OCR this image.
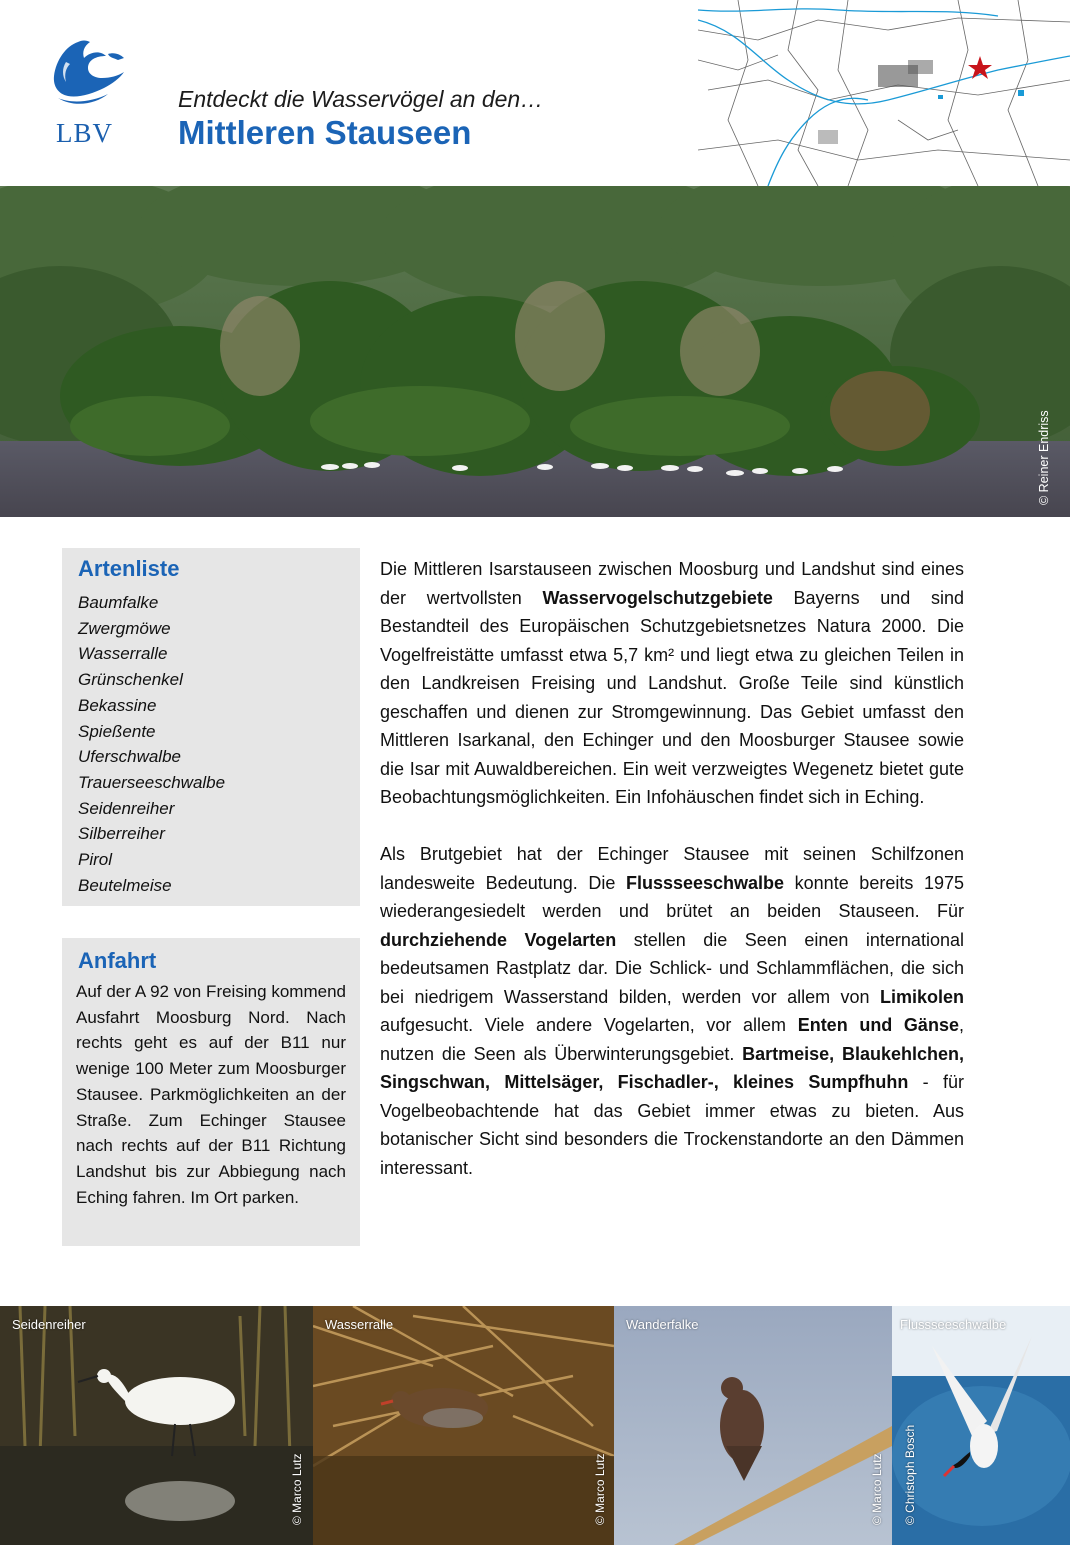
LBV
Entdeckt die Wasservögel an den…
Mittleren Stauseen
© Reiner Endriss
Artenliste
Baumfalke
Zwergmöwe
Wasserralle
Grünschenkel
Bekassine
Spießente
Uferschwalbe
Trauerseeschwalbe
Seidenreiher
Silberreiher
Pirol
Beutelmeise
Anfahrt
Auf der A 92 von Freising kommend Ausfahrt Moosburg Nord. Nach rechts geht es auf der B11 nur wenige 100 Meter zum Moosburger Stausee. Parkmöglichkeiten an der Straße. Zum Echinger Stausee nach rechts auf der B11 Richtung Landshut bis zur Abbiegung nach Eching fahren. Im Ort parken.

Die Mittleren Isarstauseen zwischen Moosburg und Landshut sind eines der wertvollsten Wasservogelschutzgebiete Bayerns und sind Bestandteil des Europäischen Schutzgebietsnetzes Natura 2000. Die Vogelfreistätte umfasst etwa 5,7 km² und liegt etwa zu gleichen Teilen in den Landkreisen Freising und Landshut. Große Teile sind künstlich geschaffen und dienen zur Stromgewinnung. Das Gebiet umfasst den Mittleren Isarkanal, den Echinger und den Moosburger Stausee sowie die Isar mit Auwaldbereichen. Ein weit verzweigtes Wegenetz bietet gute Beobachtungsmöglichkeiten. Ein Infohäuschen findet sich in Eching.

Als Brutgebiet hat der Echinger Stausee mit seinen Schilfzonen landesweite Bedeutung. Die Flussseeschwalbe konnte bereits 1975 wiederangesiedelt werden und brütet an beiden Stauseen. Für durchziehende Vogelarten stellen die Seen einen international bedeutsamen Rastplatz dar. Die Schlick- und Schlammflächen, die sich bei niedrigem Wasserstand bilden, werden vor allem von Limikolen aufgesucht. Viele andere Vogelarten, vor allem Enten und Gänse, nutzen die Seen als Überwinterungsgebiet. Bartmeise, Blaukehlchen, Singschwan, Mittelsäger, Fischadler-, kleines Sumpfhuhn - für Vogelbeobachtende hat das Gebiet immer etwas zu bieten. Aus botanischer Sicht sind besonders die Trockenstandorte an den Dämmen interessant.

Seidenreiher
© Marco Lutz
Wasserralle
© Marco Lutz
Wanderfalke
© Marco Lutz
Flussseeschwalbe
© Christoph Bosch
